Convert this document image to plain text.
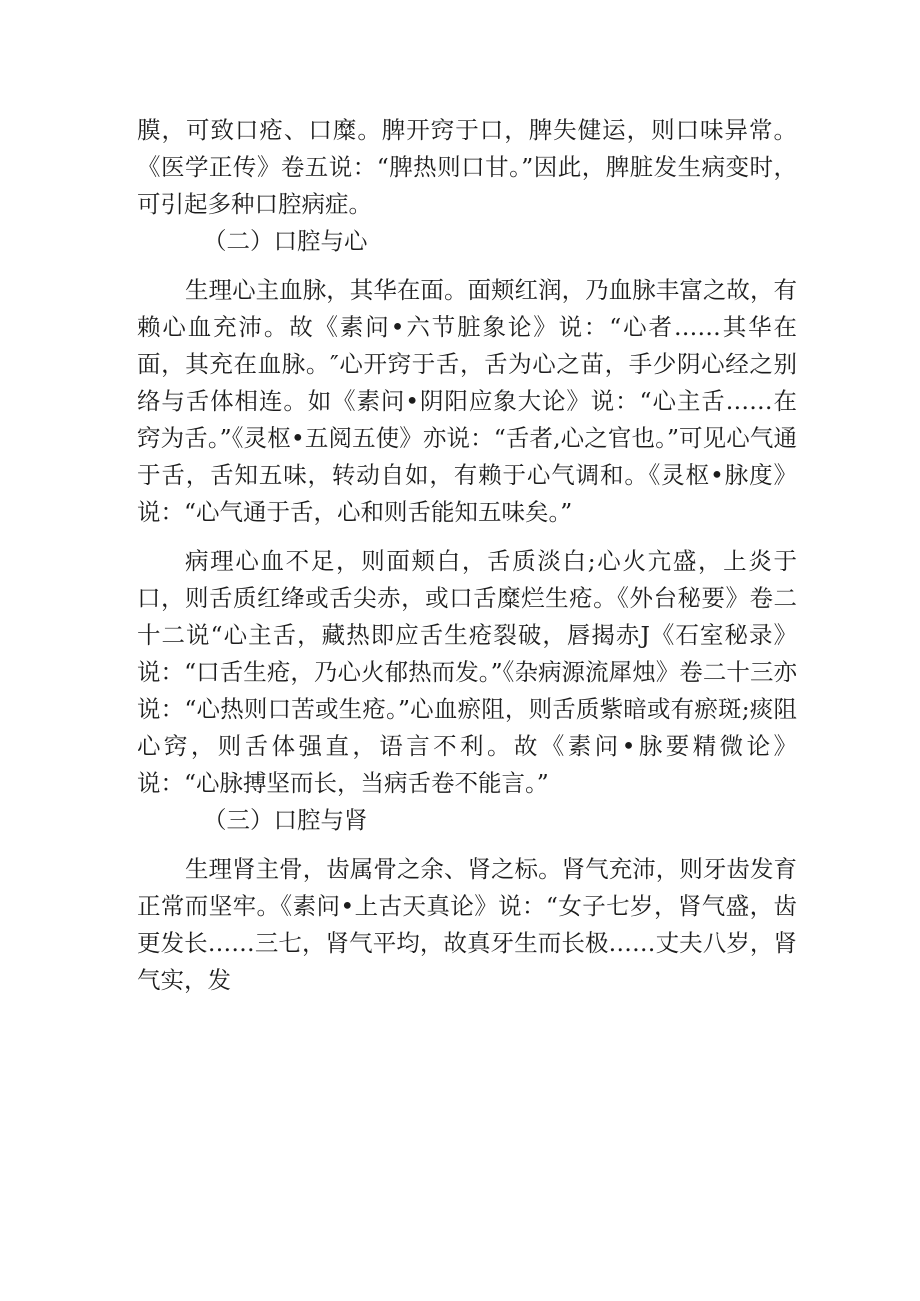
膜，可致口疮、口糜。脾开窍于口，脾失健运，则口味异常。《医学正传》卷五说：“脾热则口甘。”因此，脾脏发生病变时，可引起多种口腔病症。

（二）口腔与心

生理心主血脉，其华在面。面颊红润，乃血脉丰富之故，有赖心血充沛。故《素问•六节脏象论》说：“心者……其华在面，其充在血脉。″心开窍于舌，舌为心之苗，手少阴心经之别络与舌体相连。如《素问•阴阳应象大论》说：“心主舌……在窍为舌。”《灵枢•五阅五使》亦说：“舌者,心之官也。”可见心气通于舌，舌知五味，转动自如，有赖于心气调和。《灵枢•脉度》说：“心气通于舌，心和则舌能知五味矣。”

病理心血不足，则面颊白，舌质淡白;心火亢盛，上炎于口，则舌质红绛或舌尖赤，或口舌糜烂生疮。《外台秘要》卷二十二说“心主舌，藏热即应舌生疮裂破，唇揭赤J《石室秘录》说：“口舌生疮，乃心火郁热而发。”《杂病源流犀烛》卷二十三亦说：“心热则口苦或生疮。”心血瘀阻，则舌质紫暗或有瘀斑;痰阻心窍，则舌体强直，语言不利。故《素问•脉要精微论》说：“心脉搏坚而长，当病舌卷不能言。”

（三）口腔与肾

生理肾主骨，齿属骨之余、肾之标。肾气充沛，则牙齿发育正常而坚牢。《素问•上古天真论》说：“女子七岁，肾气盛，齿更发长……三七，肾气平均，故真牙生而长极……丈夫八岁，肾气实，发
